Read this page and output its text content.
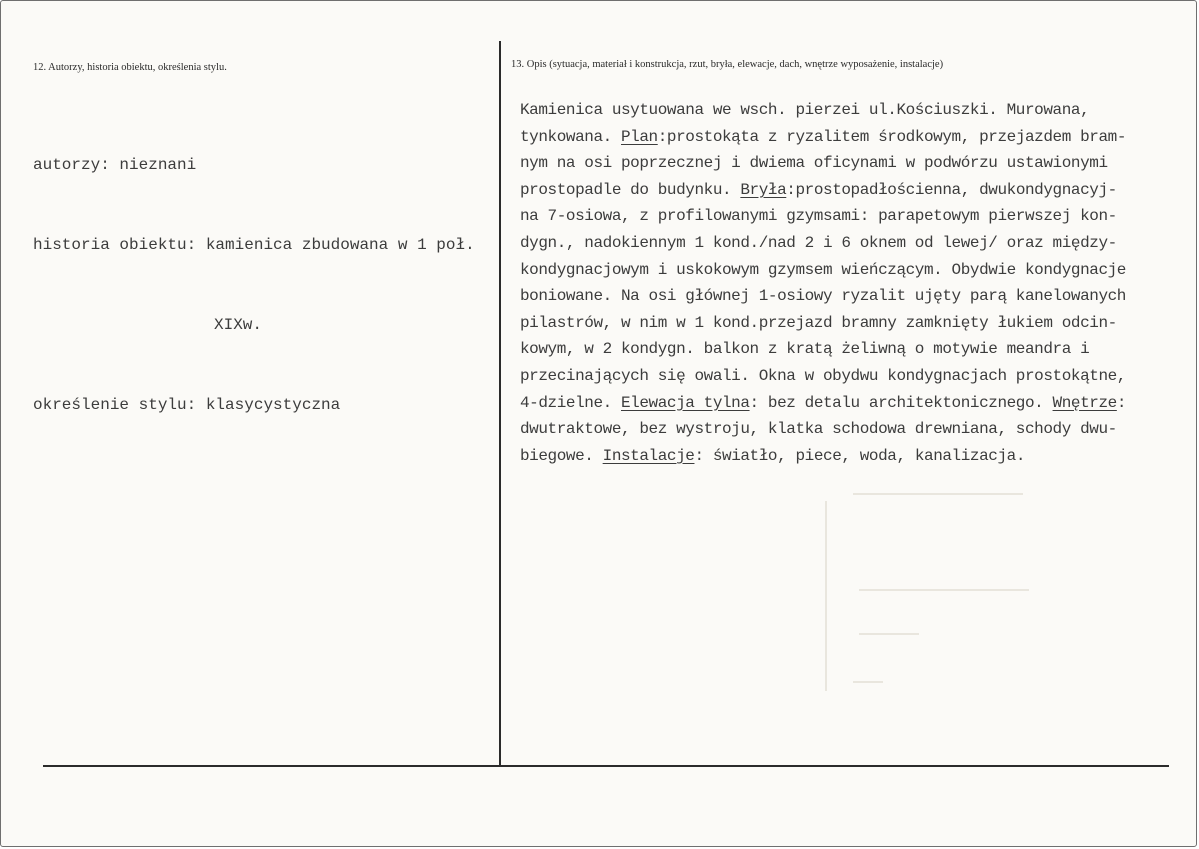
12. Autorzy, historia obiektu, określenia stylu.	13. Opis (sytuacja, materiał i konstrukcja, rzut, bryła, elewacje, dach, wnętrze wyposażenie, instalacje)

autorzy: nieznani

historia obiektu: kamienica zbudowana w 1 poł.

XIXw.

określenie stylu: klasycystyczna

Kamienica usytuowana we wsch. pierzei ul.Kościuszki. Murowana,
tynkowana. Plan:prostokąta z ryzalitem środkowym, przejazdem bram-
nym na osi poprzecznej i dwiema oficynami w podwórzu ustawionymi
prostopadle do budynku. Bryła:prostopadłościenna, dwukondygnacyj-
na 7-osiowa, z profilowanymi gzymsami: parapetowym pierwszej kon-
dygn., nadokiennym 1 kond./nad 2 i 6 oknem od lewej/ oraz między-
kondygnacjowym i uskokowym gzymsem wieńczącym. Obydwie kondygnacje
boniowane. Na osi głównej 1-osiowy ryzalit ujęty parą kanelowanych
pilastrów, w nim w 1 kond.przejazd bramny zamknięty łukiem odcin-
kowym, w 2 kondygn. balkon z kratą żeliwną o motywie meandra i
przecinających się owali. Okna w obydwu kondygnacjach prostokątne,
4-dzielne. Elewacja tylna: bez detalu architektonicznego. Wnętrze:
dwutraktowe, bez wystroju, klatka schodowa drewniana, schody dwu-
biegowe. Instalacje: światło, piece, woda, kanalizacja.
